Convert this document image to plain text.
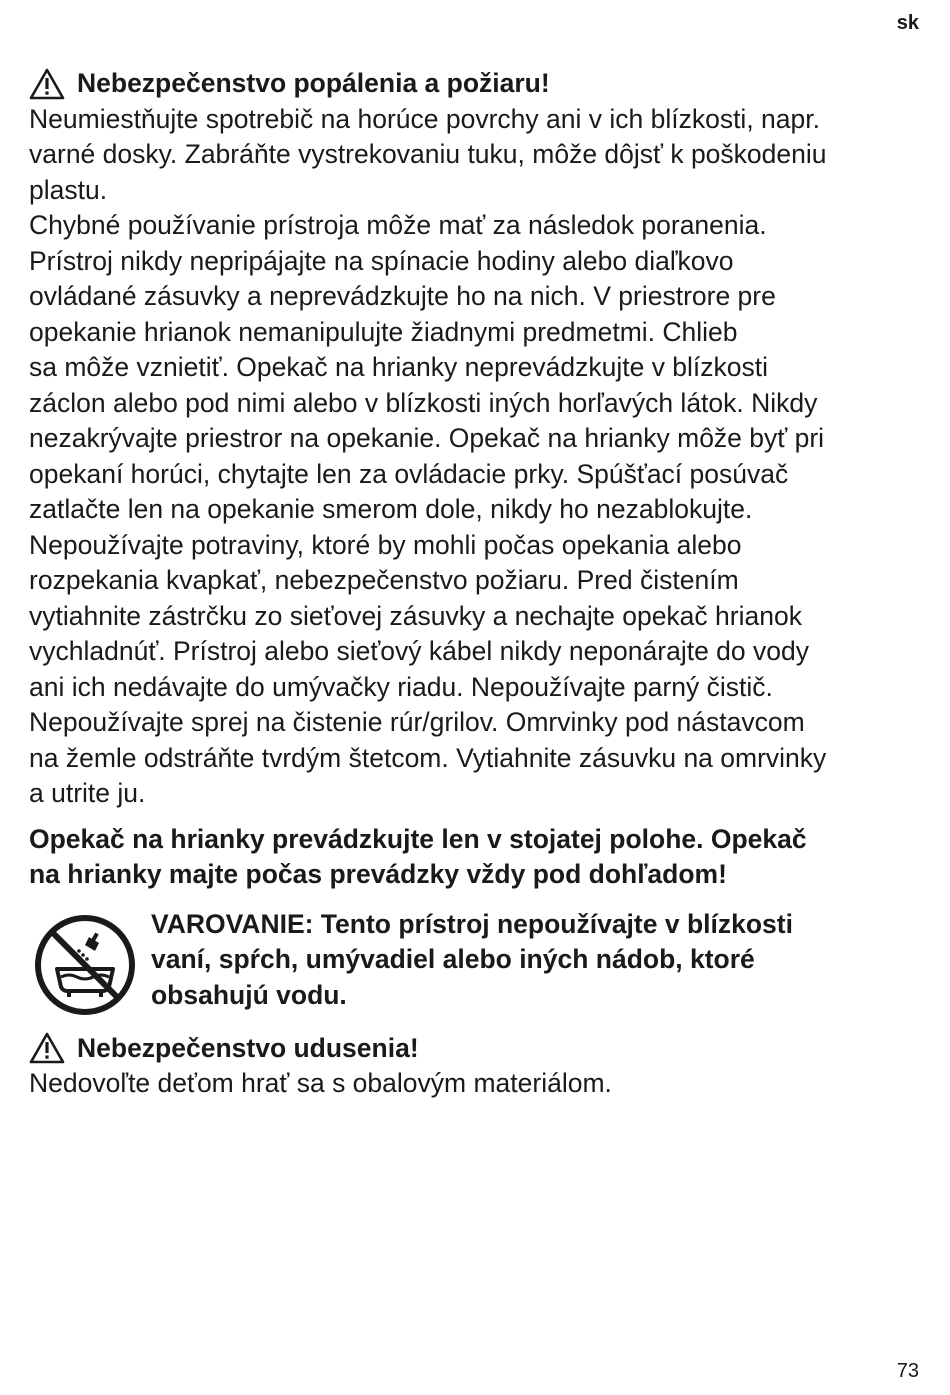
sk
Nebezpečenstvo popálenia a požiaru!
Neumiestňujte spotrebič na horúce povrchy ani v ich blízkosti, napr.
varné dosky. Zabráňte vystrekovaniu tuku, môže dôjsť k poškodeniu
plastu.
Chybné používanie prístroja môže mať za následok poranenia.
Prístroj nikdy nepripájajte na spínacie hodiny alebo diaľkovo
ovládané zásuvky a neprevádzkujte ho na nich. V priestrore pre
opekanie hrianok nemanipulujte žiadnymi predmetmi. Chlieb
sa môže vznietiť. Opekač na hrianky neprevádzkujte v blízkosti
záclon alebo pod nimi alebo v blízkosti iných horľavých látok. Nikdy
nezakrývajte priestror na opekanie. Opekač na hrianky môže byť pri
opekaní horúci, chytajte len za ovládacie prky. Spúšťací posúvač
zatlačte len na opekanie smerom dole, nikdy ho nezablokujte.
Nepoužívajte potraviny, ktoré by mohli počas opekania alebo
rozpekania kvapkať, nebezpečenstvo požiaru. Pred čistením
vytiahnite zástrčku zo sieťovej zásuvky a nechajte opekač hrianok
vychladnúť. Prístroj alebo sieťový kábel nikdy neponárajte do vody
ani ich nedávajte do umývačky riadu. Nepoužívajte parný čistič.
Nepoužívajte sprej na čistenie rúr/grilov. Omrvinky pod nástavcom
na žemle odstráňte tvrdým štetcom. Vytiahnite zásuvku na omrvinky
a utrite ju.
Opekač na hrianky prevádzkujte len v stojatej polohe. Opekač
na hrianky majte počas prevádzky vždy pod dohľadom!
VAROVANIE: Tento prístroj nepoužívajte v blízkosti
vaní, spŕch, umývadiel alebo iných nádob, ktoré
obsahujú vodu.
Nebezpečenstvo udusenia!
Nedovoľte deťom hrať sa s obalovým materiálom.
73
